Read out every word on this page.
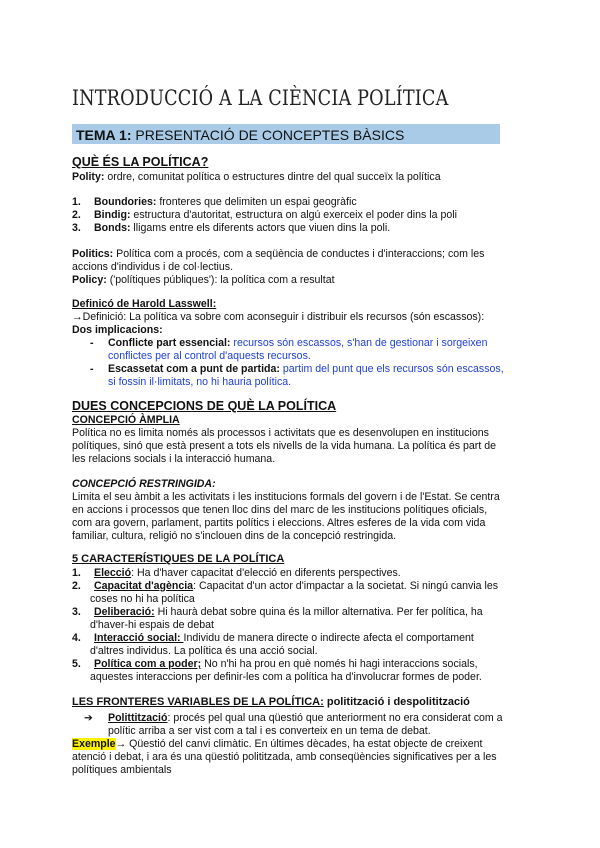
INTRODUCCIÓ A LA CIÈNCIA POLÍTICA
TEMA 1: PRESENTACIÓ DE CONCEPTES BÀSICS
QUÈ ÉS LA POLÍTICA?
Polity: ordre, comunitat política o estructures dintre del qual succeïx la política
1. Boundories: fronteres que delimiten un espai geogràfic
2. Bindig: estructura d'autoritat, estructura on algú exerceix el poder dins la poli
3. Bonds: lligams entre els diferents actors que viuen dins la poli.
Politics: Política com a procés, com a seqüència de conductes i d'interaccions; com les
accions d'individus i de col·lectius.
Policy: ('polítiques públiques'): la política com a resultat
Definicó de Harold Lasswell:
→Definició: La política va sobre com aconseguir i distribuir els recursos (són escassos):
Dos implicacions:
- Conflicte part essencial: recursos són escassos, s'han de gestionar i sorgeixen
conflictes per al control d'aquests recursos.
- Escassetat com a punt de partida: partim del punt que els recursos són escassos,
si fossin il·limitats, no hi hauria política.
DUES CONCEPCIONS DE QUÈ LA POLÍTICA
CONCEPCIÓ ÀMPLIA
Política no es limita només als processos i activitats que es desenvolupen en institucions
polítiques, sinó que està present a tots els nivells de la vida humana. La política és part de
les relacions socials i la interacció humana.
CONCEPCIÓ RESTRINGIDA:
Limita el seu àmbit a les activitats i les institucions formals del govern i de l'Estat. Se centra
en accions i processos que tenen lloc dins del marc de les institucions polítiques oficials,
com ara govern, parlament, partits polítics i eleccions. Altres esferes de la vida com vida
familiar, cultura, religió no s'inclouen dins de la concepció restringida.
5 CARACTERÍSTIQUES DE LA POLÍTICA
1. Elecció: Ha d'haver capacitat d'elecció en diferents perspectives.
2. Capacitat d'agència: Capacitat d'un actor d'impactar a la societat. Si ningú canvia les
coses no hi ha política
3. Deliberació: Hi haurà debat sobre quina és la millor alternativa. Per fer política, ha
d'haver-hi espais de debat
4. Interacció social: Individu de manera directe o indirecte afecta el comportament
d'altres individus. La política és una acció social.
5. Política com a poder; No n'hi ha prou en què només hi hagi interaccions socials,
aquestes interaccions per definir-les com a política ha d'involucrar formes de poder.
LES FRONTERES VARIABLES DE LA POLÍTICA: politització i despolitització
➔ Polittització: procés pel qual una qüestió que anteriorment no era considerat com a
polític arriba a ser vist com a tal i es converteix en un tema de debat.
Exemple→ Qüestió del canvi climàtic. En últimes dècades, ha estat objecte de creixent
atenció i debat, i ara és una qüestió polititzada, amb conseqüències significatives per a les
polítiques ambientals
